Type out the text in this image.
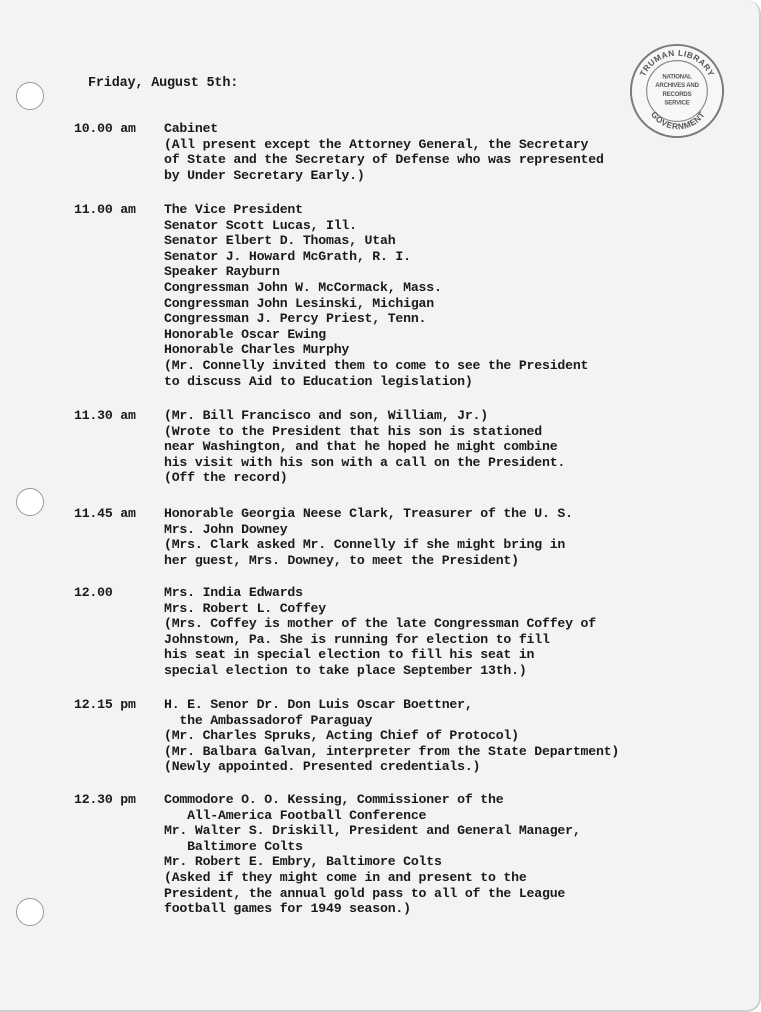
TRUMAN LIBRARY
GOVERNMENT
NATIONAL
ARCHIVES AND
RECORDS
SERVICE
Friday, August 5th:
10.00 am	Cabinet
(All present except the Attorney General, the Secretary
of State and the Secretary of Defense who was represented
by Under Secretary Early.)
11.00 am	The Vice President
Senator Scott Lucas, Ill.
Senator Elbert D. Thomas, Utah
Senator J. Howard McGrath, R. I.
Speaker Rayburn
Congressman John W. McCormack, Mass.
Congressman John Lesinski, Michigan
Congressman J. Percy Priest, Tenn.
Honorable Oscar Ewing
Honorable Charles Murphy
(Mr. Connelly invited them to come to see the President
to discuss Aid to Education legislation)
11.30 am	(Mr. Bill Francisco and son, William, Jr.)
(Wrote to the President that his son is stationed
near Washington, and that he hoped he might combine
his visit with his son with a call on the President.
(Off the record)
11.45 am	Honorable Georgia Neese Clark, Treasurer of the U. S.
Mrs. John Downey
(Mrs. Clark asked Mr. Connelly if she might bring in
her guest, Mrs. Downey, to meet the President)
12.00	Mrs. India Edwards
Mrs. Robert L. Coffey
(Mrs. Coffey is mother of the late Congressman Coffey of
Johnstown, Pa. She is running for election to fill
his seat in special election to fill his seat in
special election to take place September 13th.)
12.15 pm	H. E. Senor Dr. Don Luis Oscar Boettner,
the Ambassadorof Paraguay
(Mr. Charles Spruks, Acting Chief of Protocol)
(Mr. Balbara Galvan, interpreter from the State Department)
(Newly appointed. Presented credentials.)
12.30 pm	Commodore O. O. Kessing, Commissioner of the
All-America Football Conference
Mr. Walter S. Driskill, President and General Manager,
Baltimore Colts
Mr. Robert E. Embry, Baltimore Colts
(Asked if they might come in and present to the
President, the annual gold pass to all of the League
football games for 1949 season.)
